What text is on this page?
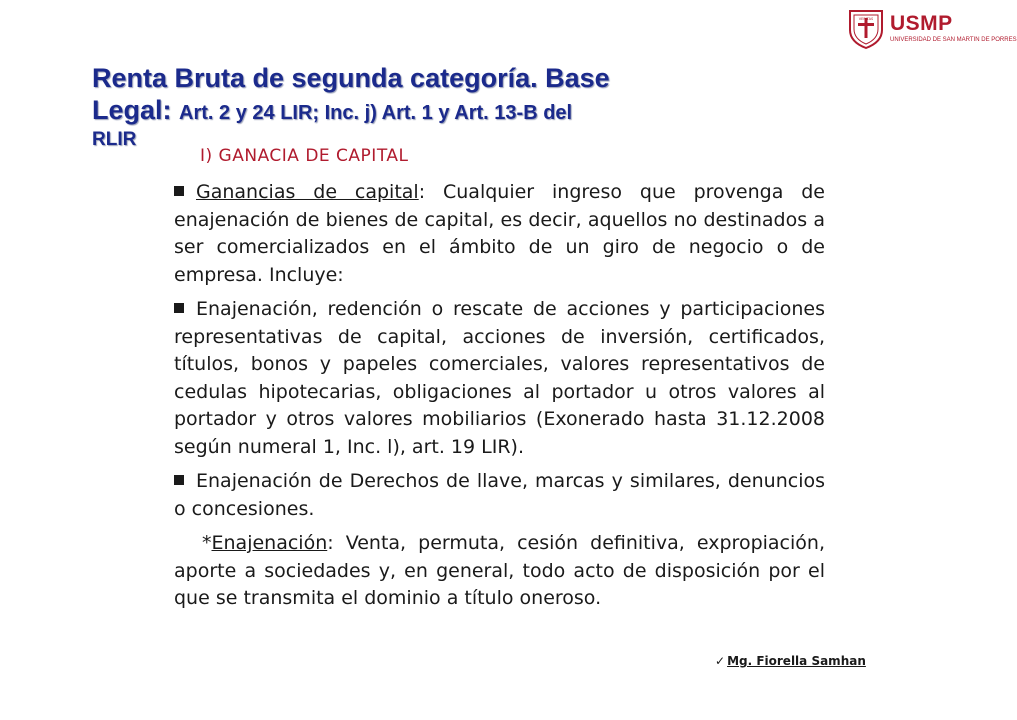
VERITAS USMP
UNIVERSIDAD DE SAN MARTIN DE PORRES
Renta Bruta de segunda categoría. Base
Legal: Art. 2 y 24 LIR; Inc. j) Art. 1 y Art. 13-B del
RLIR
I) GANACIA DE CAPITAL

Ganancias de capital: Cualquier ingreso que provenga de enajenación de bienes de capital, es decir, aquellos no destinados a ser comercializados en el ámbito de un giro de negocio o de empresa. Incluye:

Enajenación, redención o rescate de acciones y participaciones representativas de capital, acciones de inversión, certificados, títulos, bonos y papeles comerciales, valores representativos de cedulas hipotecarias, obligaciones al portador u otros valores al portador y otros valores mobiliarios (Exonerado hasta 31.12.2008 según numeral 1, Inc. l), art. 19 LIR).

Enajenación de Derechos de llave, marcas y similares, denuncios o concesiones.

*Enajenación: Venta, permuta, cesión definitiva, expropiación, aporte a sociedades y, en general, todo acto de disposición por el que se transmita el dominio a título oneroso.

✓ Mg. Fiorella Samhan
